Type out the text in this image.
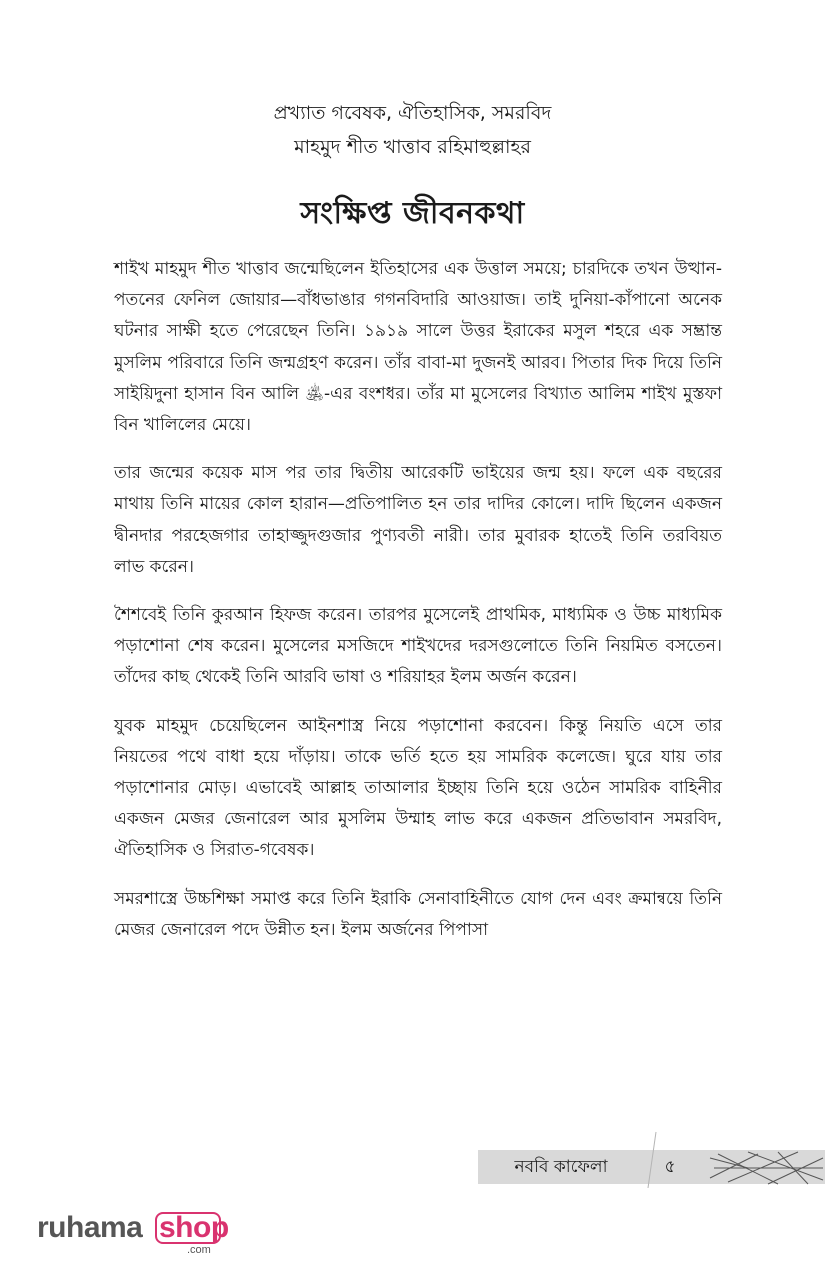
প্রখ্যাত গবেষক, ঐতিহাসিক, সমরবিদ
মাহমুদ শীত খাত্তাব রহিমাহুল্লাহর
সংক্ষিপ্ত জীবনকথা

শাইখ মাহমুদ শীত খাত্তাব জন্মেছিলেন ইতিহাসের এক উত্তাল সময়ে; চারদিকে তখন উত্থান-পতনের ফেনিল জোয়ার—বাঁধভাঙার গগনবিদারি আওয়াজ। তাই দুনিয়া-কাঁপানো অনেক ঘটনার সাক্ষী হতে পেরেছেন তিনি। ১৯১৯ সালে উত্তর ইরাকের মসুল শহরে এক সম্ভ্রান্ত মুসলিম পরিবারে তিনি জন্মগ্রহণ করেন। তাঁর বাবা-মা দুজনই আরব। পিতার দিক দিয়ে তিনি সাইয়িদুনা হাসান বিন আলি ﵁-এর বংশধর। তাঁর মা মুসেলের বিখ্যাত আলিম শাইখ মুস্তফা বিন খালিলের মেয়ে।

তার জন্মের কয়েক মাস পর তার দ্বিতীয় আরেকটি ভাইয়ের জন্ম হয়। ফলে এক বছরের মাথায় তিনি মায়ের কোল হারান—প্রতিপালিত হন তার দাদির কোলে। দাদি ছিলেন একজন দ্বীনদার পরহেজগার তাহাজ্জুদগুজার পুণ্যবতী নারী। তার মুবারক হাতেই তিনি তরবিয়ত লাভ করেন।

শৈশবেই তিনি কুরআন হিফজ করেন। তারপর মুসেলেই প্রাথমিক, মাধ্যমিক ও উচ্চ মাধ্যমিক পড়াশোনা শেষ করেন। মুসেলের মসজিদে শাইখদের দরসগুলোতে তিনি নিয়মিত বসতেন। তাঁদের কাছ থেকেই তিনি আরবি ভাষা ও শরিয়াহর ইলম অর্জন করেন।

যুবক মাহমুদ চেয়েছিলেন আইনশাস্ত্র নিয়ে পড়াশোনা করবেন। কিন্তু নিয়তি এসে তার নিয়তের পথে বাধা হয়ে দাঁড়ায়। তাকে ভর্তি হতে হয় সামরিক কলেজে। ঘুরে যায় তার পড়াশোনার মোড়। এভাবেই আল্লাহ তাআলার ইচ্ছায় তিনি হয়ে ওঠেন সামরিক বাহিনীর একজন মেজর জেনারেল আর মুসলিম উম্মাহ লাভ করে একজন প্রতিভাবান সমরবিদ, ঐতিহাসিক ও সিরাত-গবেষক।

সমরশাস্ত্রে উচ্চশিক্ষা সমাপ্ত করে তিনি ইরাকি সেনাবাহিনীতে যোগ দেন এবং ক্রমান্বয়ে তিনি মেজর জেনারেল পদে উন্নীত হন। ইলম অর্জনের পিপাসা

নববি কাফেলা	৫
ruhama shop
.com
